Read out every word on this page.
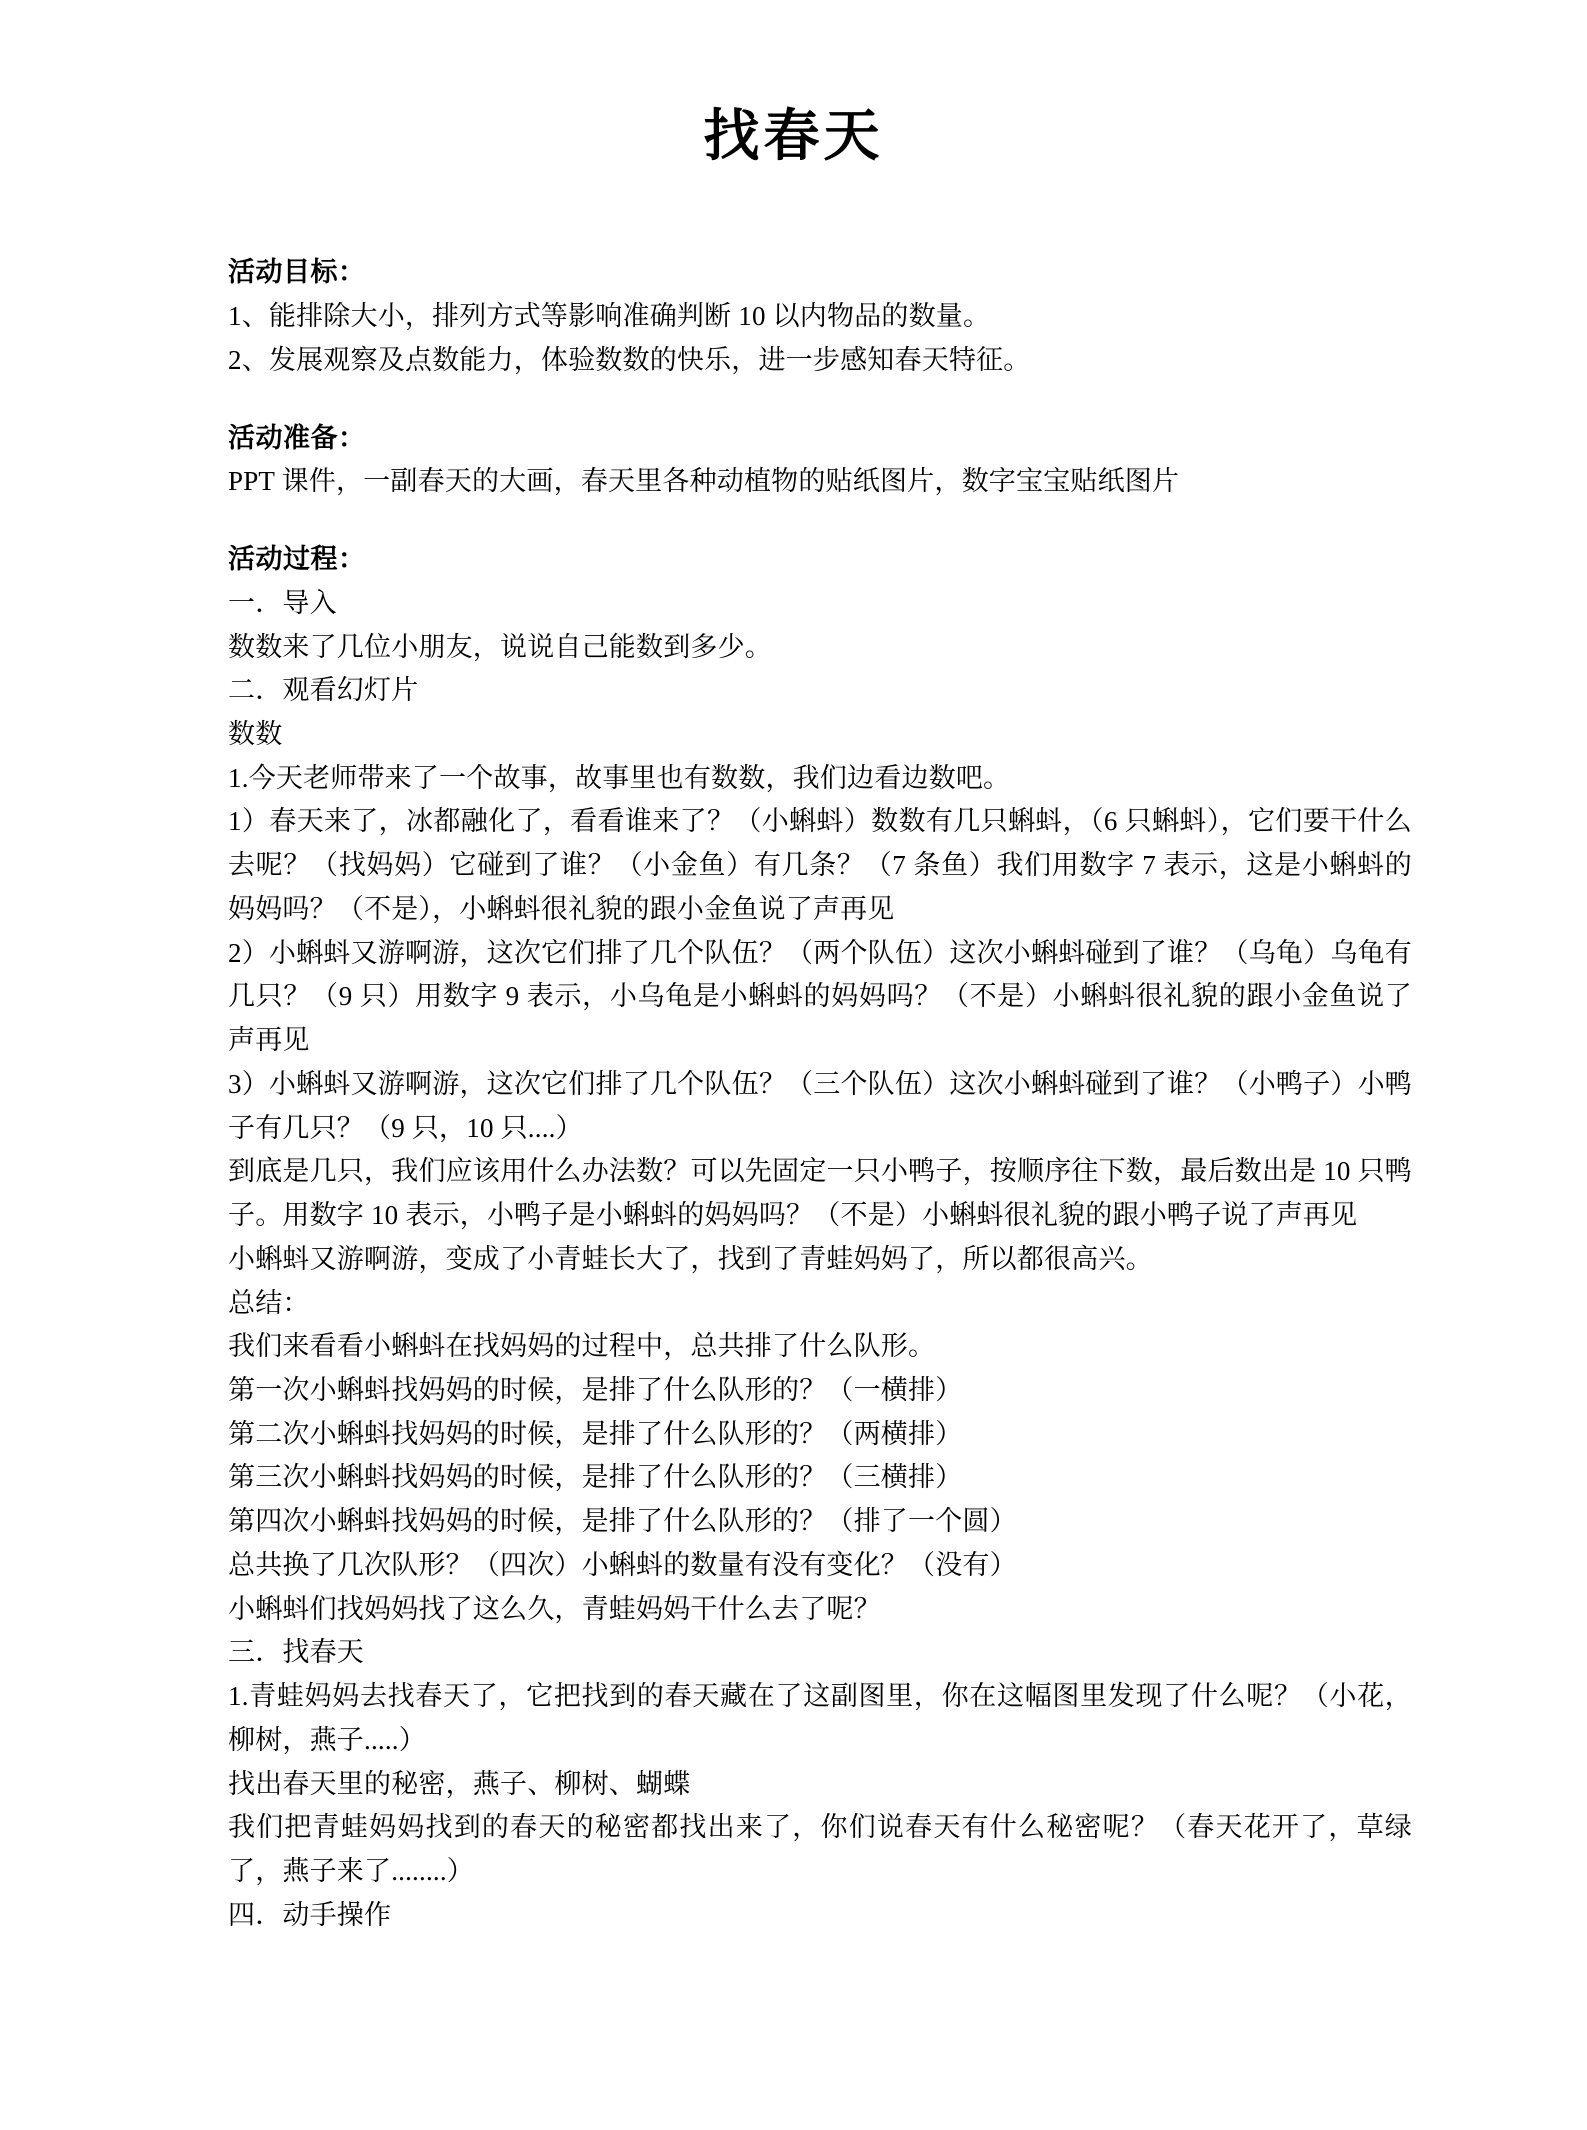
找春天

活动目标：

1、能排除大小，排列方式等影响准确判断 10 以内物品的数量。

2、发展观察及点数能力，体验数数的快乐，进一步感知春天特征。

活动准备：

PPT 课件，一副春天的大画，春天里各种动植物的贴纸图片，数字宝宝贴纸图片

活动过程：

一．导入

数数来了几位小朋友，说说自己能数到多少。

二．观看幻灯片

数数

1.今天老师带来了一个故事，故事里也有数数，我们边看边数吧。

1）春天来了，冰都融化了，看看谁来了？（小蝌蚪）数数有几只蝌蚪，（6 只蝌蚪），它们要干什么去呢？（找妈妈）它碰到了谁？（小金鱼）有几条？（7 条鱼）我们用数字 7 表示，这是小蝌蚪的妈妈吗？（不是），小蝌蚪很礼貌的跟小金鱼说了声再见

2）小蝌蚪又游啊游，这次它们排了几个队伍？（两个队伍）这次小蝌蚪碰到了谁？（乌龟）乌龟有几只？（9 只）用数字 9 表示，小乌龟是小蝌蚪的妈妈吗？（不是）小蝌蚪很礼貌的跟小金鱼说了声再见

3）小蝌蚪又游啊游，这次它们排了几个队伍？（三个队伍）这次小蝌蚪碰到了谁？（小鸭子）小鸭子有几只？（9 只，10 只....）

到底是几只，我们应该用什么办法数？可以先固定一只小鸭子，按顺序往下数，最后数出是 10 只鸭子。用数字 10 表示，小鸭子是小蝌蚪的妈妈吗？（不是）小蝌蚪很礼貌的跟小鸭子说了声再见

小蝌蚪又游啊游，变成了小青蛙长大了，找到了青蛙妈妈了，所以都很高兴。

总结：

我们来看看小蝌蚪在找妈妈的过程中，总共排了什么队形。

第一次小蝌蚪找妈妈的时候，是排了什么队形的？（一横排）

第二次小蝌蚪找妈妈的时候，是排了什么队形的？（两横排）

第三次小蝌蚪找妈妈的时候，是排了什么队形的？（三横排）

第四次小蝌蚪找妈妈的时候，是排了什么队形的？（排了一个圆）

总共换了几次队形？（四次）小蝌蚪的数量有没有变化？（没有）

小蝌蚪们找妈妈找了这么久，青蛙妈妈干什么去了呢？

三．找春天

1.青蛙妈妈去找春天了，它把找到的春天藏在了这副图里，你在这幅图里发现了什么呢？（小花，柳树，燕子.....）

找出春天里的秘密，燕子、柳树、蝴蝶

我们把青蛙妈妈找到的春天的秘密都找出来了，你们说春天有什么秘密呢？（春天花开了，草绿了，燕子来了........）

四．动手操作
